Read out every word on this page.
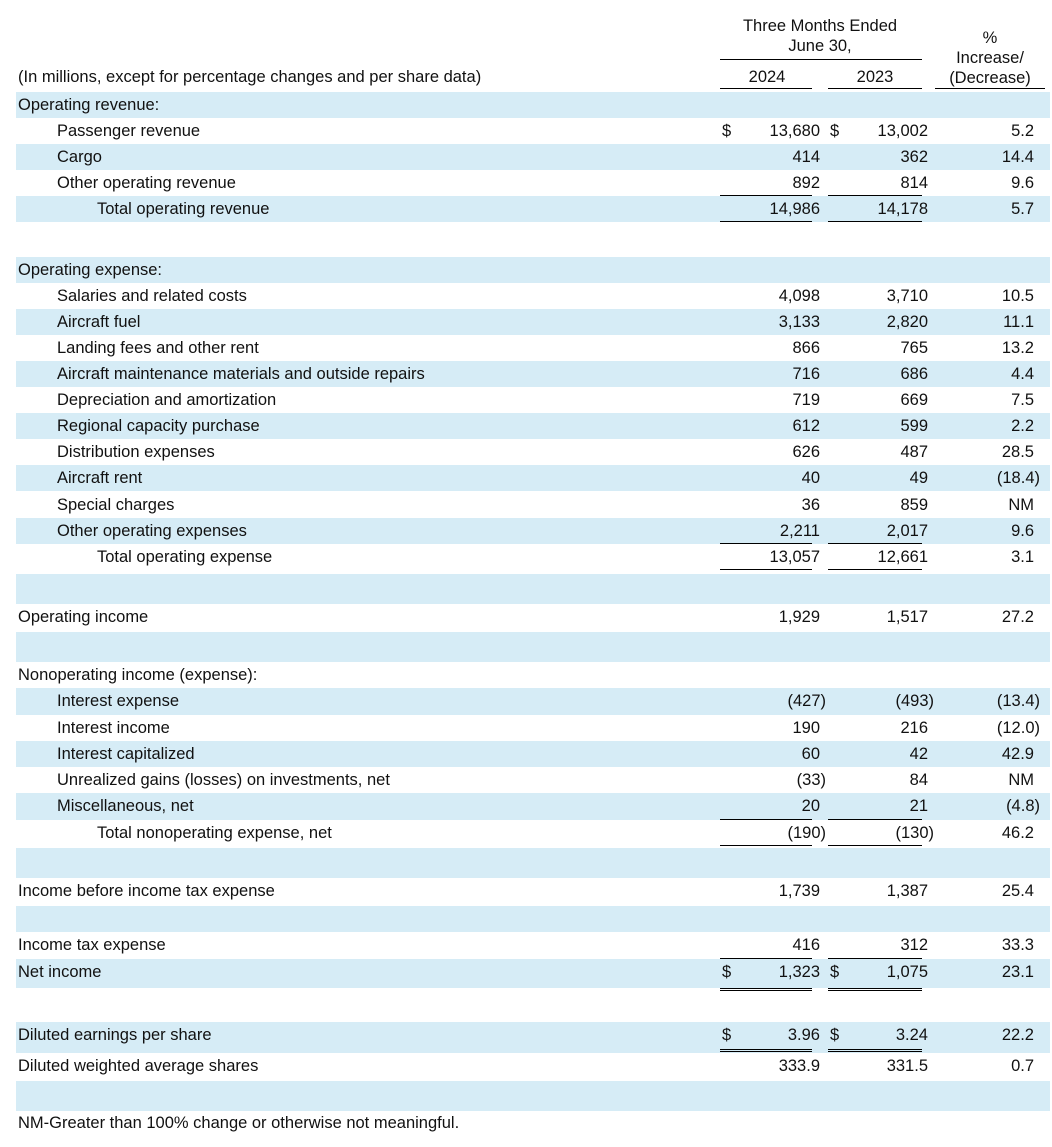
Three Months Ended
June 30,	%
Increase/
(Decrease)
(In millions, except for percentage changes and per share data)	2024	2023
Operating revenue:
Passenger revenue	13,680	13,002	5.2
$	$
Cargo	414	362	14.4
Other operating revenue	892	814	9.6
Total operating revenue	14,986	14,178	5.7
Operating expense:
Salaries and related costs	4,098	3,710	10.5
Aircraft fuel	3,133	2,820	11.1
Landing fees and other rent	866	765	13.2
Aircraft maintenance materials and outside repairs	716	686	4.4
Depreciation and amortization	719	669	7.5
Regional capacity purchase	612	599	2.2
Distribution expenses	626	487	28.5
Aircraft rent	40	49	(18.4)
Special charges	36	859	NM
Other operating expenses	2,211	2,017	9.6
Total operating expense	13,057	12,661	3.1
Operating income	1,929	1,517	27.2
Nonoperating income (expense):
Interest expense	(427)	(493)	(13.4)
Interest income	190	216	(12.0)
Interest capitalized	60	42	42.9
Unrealized gains (losses) on investments, net	(33)	84	NM
Miscellaneous, net	20	21	(4.8)
Total nonoperating expense, net	(190)	(130)	46.2
Income before income tax expense	1,739	1,387	25.4
Income tax expense	416	312	33.3
Net income	1,323	1,075	23.1
$	$
Diluted earnings per share	3.96	3.24	22.2
$	$
Diluted weighted average shares	333.9	331.5	0.7
NM-Greater than 100% change or otherwise not meaningful.
